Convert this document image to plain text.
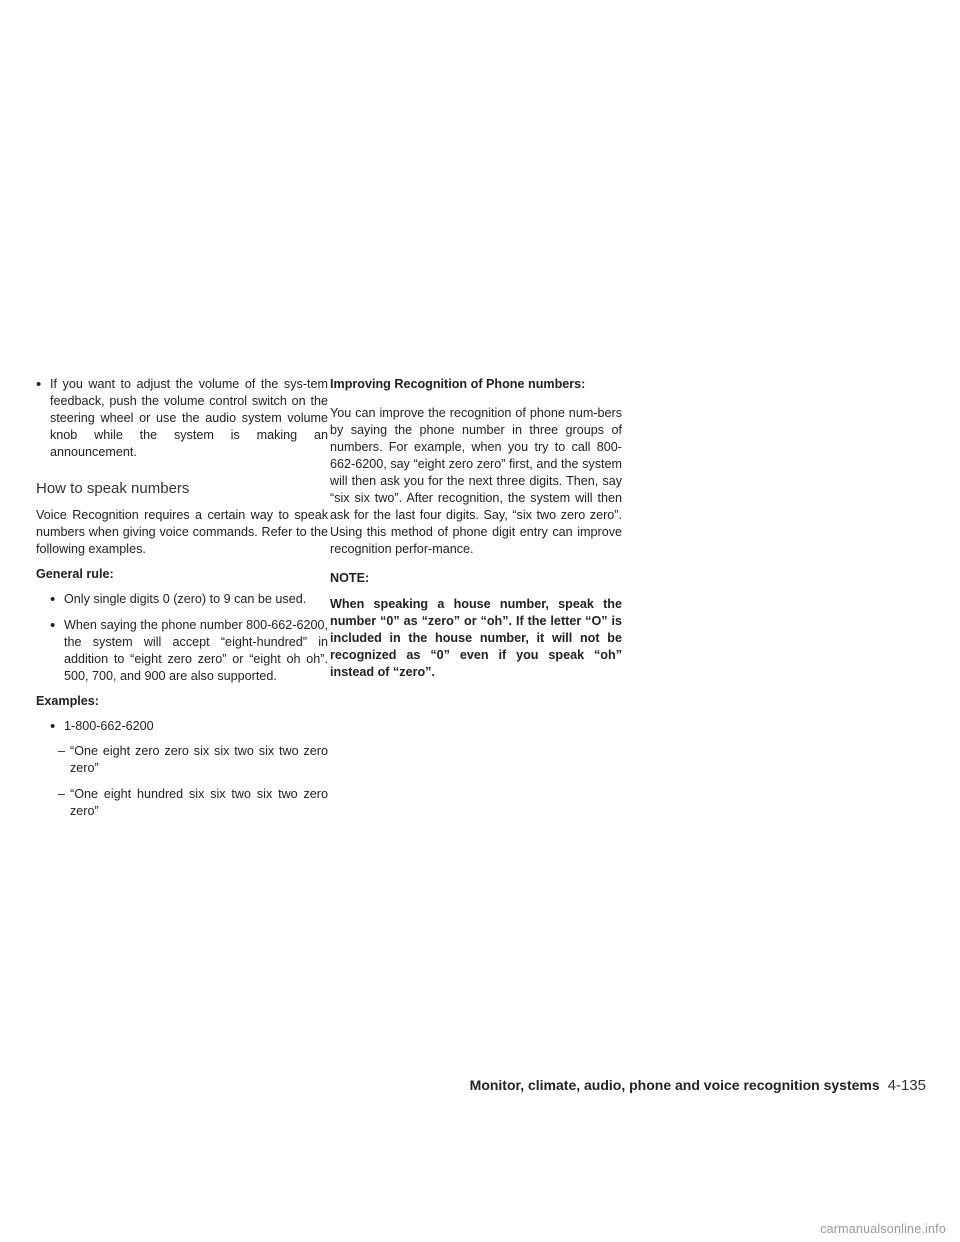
• If you want to adjust the volume of the sys-tem feedback, push the volume control switch on the steering wheel or use the audio system volume knob while the system is making an announcement.
How to speak numbers

Voice Recognition requires a certain way to speak numbers when giving voice commands. Refer to the following examples.

General rule:

• Only single digits 0 (zero) to 9 can be used.
• When saying the phone number 800-662-6200, the system will accept “eight-hundred” in addition to “eight zero zero” or “eight oh oh”. 500, 700, and 900 are also supported.

Examples:

• 1-800-662-6200
– “One eight zero zero six six two six two zero zero”
– “One eight hundred six six two six two zero zero”

Improving Recognition of Phone numbers:

You can improve the recognition of phone num-bers by saying the phone number in three groups of numbers. For example, when you try to call 800-662-6200, say “eight zero zero” first, and the system will then ask you for the next three digits. Then, say “six six two”. After recognition, the system will then ask for the last four digits. Say, “six two zero zero”. Using this method of phone digit entry can improve recognition perfor-mance.

NOTE:

When speaking a house number, speak the number “0” as “zero” or “oh”. If the letter “O” is included in the house number, it will not be recognized as “0” even if you speak “oh” instead of “zero”.

Monitor, climate, audio, phone and voice recognition systems 4-135
carmanualsonline.info
